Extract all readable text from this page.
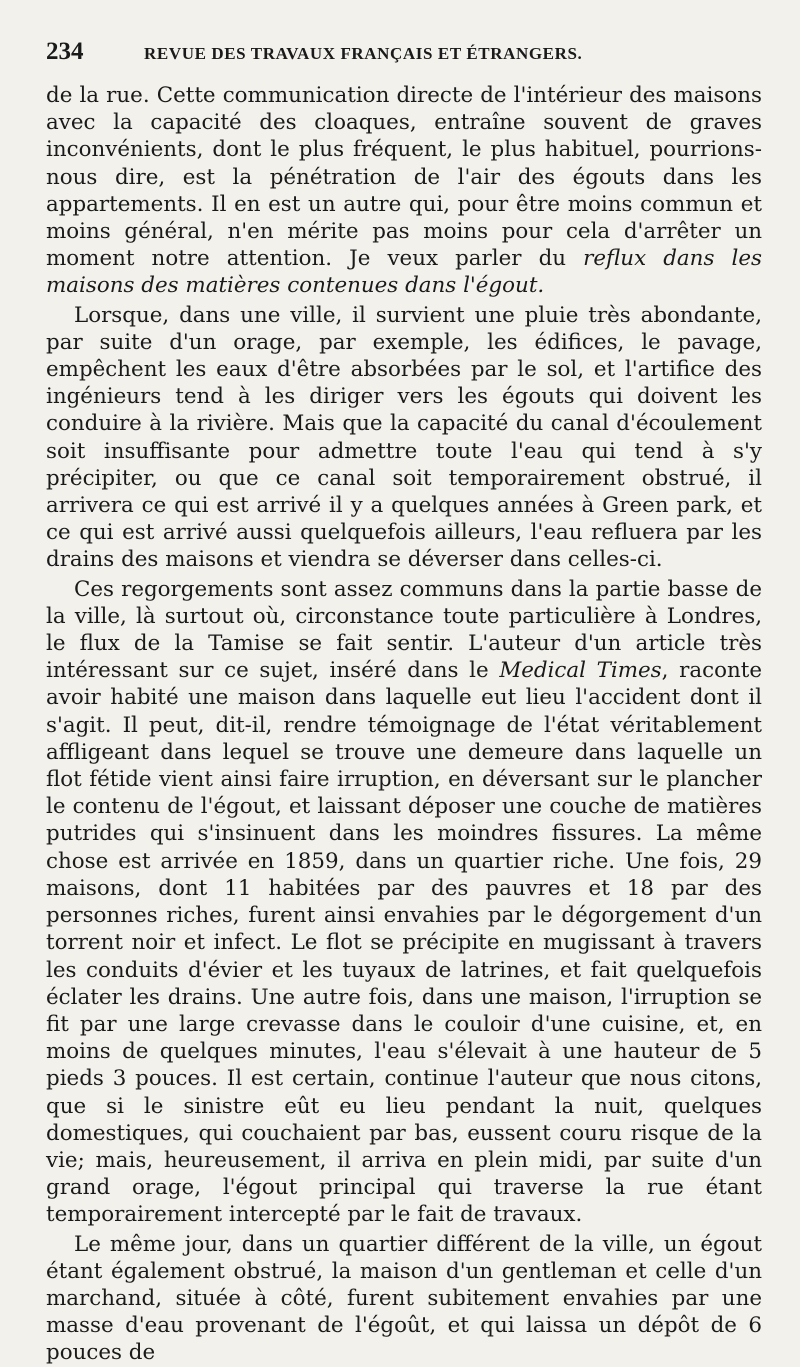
234	REVUE DES TRAVAUX FRANÇAIS ET ÉTRANGERS.

de la rue. Cette communication directe de l'intérieur des maisons avec la capacité des cloaques, entraîne souvent de graves inconvénients, dont le plus fréquent, le plus habituel, pourrions-nous dire, est la pénétration de l'air des égouts dans les appartements. Il en est un autre qui, pour être moins commun et moins général, n'en mérite pas moins pour cela d'arrêter un moment notre attention. Je veux parler du reflux dans les maisons des matières contenues dans l'égout.

Lorsque, dans une ville, il survient une pluie très abondante, par suite d'un orage, par exemple, les édifices, le pavage, empêchent les eaux d'être absorbées par le sol, et l'artifice des ingénieurs tend à les diriger vers les égouts qui doivent les conduire à la rivière. Mais que la capacité du canal d'écoulement soit insuffisante pour admettre toute l'eau qui tend à s'y précipiter, ou que ce canal soit temporairement obstrué, il arrivera ce qui est arrivé il y a quelques années à Green park, et ce qui est arrivé aussi quelquefois ailleurs, l'eau refluera par les drains des maisons et viendra se déverser dans celles-ci.

Ces regorgements sont assez communs dans la partie basse de la ville, là surtout où, circonstance toute particulière à Londres, le flux de la Tamise se fait sentir. L'auteur d'un article très intéressant sur ce sujet, inséré dans le Medical Times, raconte avoir habité une maison dans laquelle eut lieu l'accident dont il s'agit. Il peut, dit-il, rendre témoignage de l'état véritablement affligeant dans lequel se trouve une demeure dans laquelle un flot fétide vient ainsi faire irruption, en déversant sur le plancher le contenu de l'égout, et laissant déposer une couche de matières putrides qui s'insinuent dans les moindres fissures. La même chose est arrivée en 1859, dans un quartier riche. Une fois, 29 maisons, dont 11 habitées par des pauvres et 18 par des personnes riches, furent ainsi envahies par le dégorgement d'un torrent noir et infect. Le flot se précipite en mugissant à travers les conduits d'évier et les tuyaux de latrines, et fait quelquefois éclater les drains. Une autre fois, dans une maison, l'irruption se fit par une large crevasse dans le couloir d'une cuisine, et, en moins de quelques minutes, l'eau s'élevait à une hauteur de 5 pieds 3 pouces. Il est certain, continue l'auteur que nous citons, que si le sinistre eût eu lieu pendant la nuit, quelques domestiques, qui couchaient par bas, eussent couru risque de la vie; mais, heureusement, il arriva en plein midi, par suite d'un grand orage, l'égout principal qui traverse la rue étant temporairement intercepté par le fait de travaux.

Le même jour, dans un quartier différent de la ville, un égout étant également obstrué, la maison d'un gentleman et celle d'un marchand, située à côté, furent subitement envahies par une masse d'eau provenant de l'égoût, et qui laissa un dépôt de 6 pouces de
